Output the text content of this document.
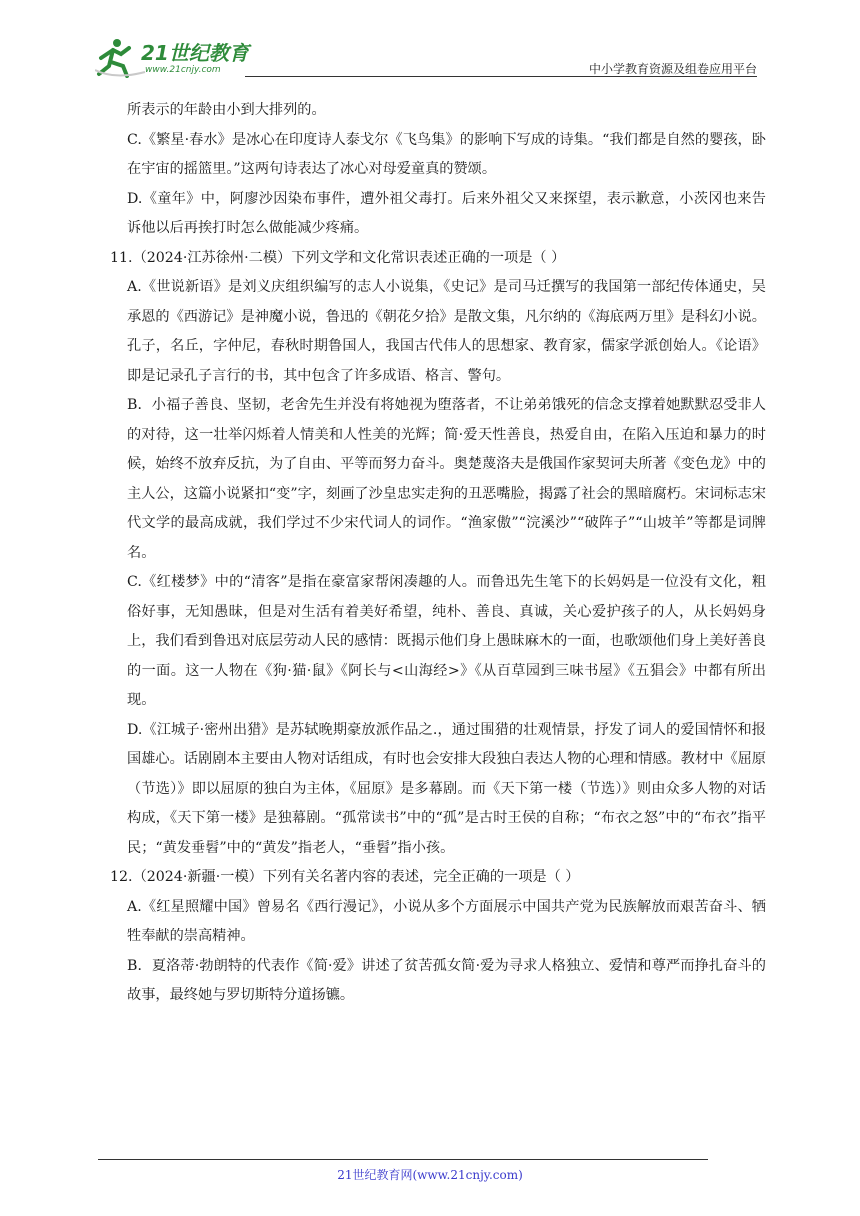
21世纪教育
www.21cnjy.com	中小学教育资源及组卷应用平台

所表示的年龄由小到大排列的。

C.《繁星·春水》是冰心在印度诗人泰戈尔《飞鸟集》的影响下写成的诗集。“我们都是自然的婴孩，卧在宇宙的摇篮里。”这两句诗表达了冰心对母爱童真的赞颂。

D.《童年》中，阿廖沙因染布事件，遭外祖父毒打。后来外祖父又来探望，表示歉意，小茨冈也来告诉他以后再挨打时怎么做能减少疼痛。

11.（2024·江苏徐州·二模）下列文学和文化常识表述正确的一项是（ ）

A.《世说新语》是刘义庆组织编写的志人小说集，《史记》是司马迁撰写的我国第一部纪传体通史，吴承恩的《西游记》是神魔小说，鲁迅的《朝花夕拾》是散文集，凡尔纳的《海底两万里》是科幻小说。孔子，名丘，字仲尼，春秋时期鲁国人，我国古代伟人的思想家、教育家，儒家学派创始人。《论语》即是记录孔子言行的书，其中包含了许多成语、格言、警句。

B．小福子善良、坚韧，老舍先生并没有将她视为堕落者，不让弟弟饿死的信念支撑着她默默忍受非人的对待，这一壮举闪烁着人情美和人性美的光辉；简·爱天性善良，热爱自由，在陷入压迫和暴力的时候，始终不放弃反抗，为了自由、平等而努力奋斗。奥楚蔑洛夫是俄国作家契诃夫所著《变色龙》中的主人公，这篇小说紧扣“变”字，刻画了沙皇忠实走狗的丑恶嘴脸，揭露了社会的黑暗腐朽。宋词标志宋代文学的最高成就，我们学过不少宋代词人的词作。“渔家傲”“浣溪沙”“破阵子”“山坡羊”等都是词牌名。

C.《红楼梦》中的“清客”是指在豪富家帮闲凑趣的人。而鲁迅先生笔下的长妈妈是一位没有文化，粗俗好事，无知愚昧，但是对生活有着美好希望，纯朴、善良、真诚，关心爱护孩子的人，从长妈妈身上，我们看到鲁迅对底层劳动人民的感情：既揭示他们身上愚昧麻木的一面，也歌颂他们身上美好善良的一面。这一人物在《狗·猫·鼠》《阿长与<山海经>》《从百草园到三味书屋》《五猖会》中都有所出现。

D.《江城子·密州出猎》是苏轼晚期豪放派作品之.，通过围猎的壮观情景，抒发了词人的爱国情怀和报国雄心。话剧剧本主要由人物对话组成，有时也会安排大段独白表达人物的心理和情感。教材中《屈原（节选）》即以屈原的独白为主体，《屈原》是多幕剧。而《天下第一楼（节选）》则由众多人物的对话构成，《天下第一楼》是独幕剧。“孤常读书”中的“孤”是古时王侯的自称；“布衣之怒”中的“布衣”指平民；“黄发垂髫”中的“黄发”指老人，“垂髫”指小孩。

12.（2024·新疆·一模）下列有关名著内容的表述，完全正确的一项是（ ）

A.《红星照耀中国》曾易名《西行漫记》，小说从多个方面展示中国共产党为民族解放而艰苦奋斗、牺牲奉献的崇高精神。

B．夏洛蒂·勃朗特的代表作《简·爱》讲述了贫苦孤女简·爱为寻求人格独立、爱情和尊严而挣扎奋斗的故事，最终她与罗切斯特分道扬镳。

21世纪教育网(www.21cnjy.com)
